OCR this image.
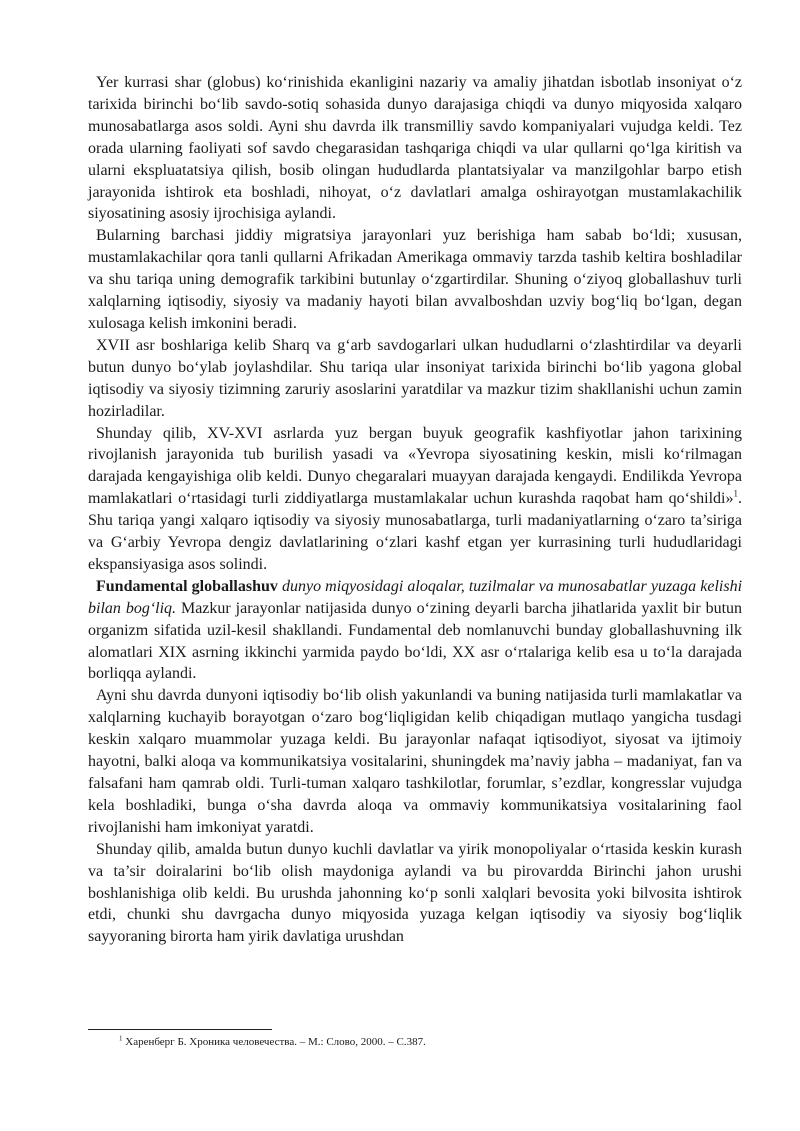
Yer kurrasi shar (globus) ko‘rinishida ekanligini nazariy va amaliy jihatdan isbotlab insoniyat o‘z tarixida birinchi bo‘lib savdo-sotiq sohasida dunyo darajasiga chiqdi va dunyo miqyosida xalqaro munosabatlarga asos soldi. Ayni shu davrda ilk transmilliy savdo kompaniyalari vujudga keldi. Tez orada ularning faoliyati sof savdo chegarasidan tashqariga chiqdi va ular qullarni qo‘lga kiritish va ularni ekspluatatsiya qilish, bosib olingan hududlarda plantatsiyalar va manzilgohlar barpo etish jarayonida ishtirok eta boshladi, nihoyat, o‘z davlatlari amalga oshirayotgan mustamlakachilik siyosatining asosiy ijrochisiga aylandi.

Bularning barchasi jiddiy migratsiya jarayonlari yuz berishiga ham sabab bo‘ldi; xususan, mustamlakachilar qora tanli qullarni Afrikadan Amerikaga ommaviy tarzda tashib keltira boshladilar va shu tariqa uning demografik tarkibini butunlay o‘zgartirdilar. Shuning o‘ziyoq globallashuv turli xalqlarning iqtisodiy, siyosiy va madaniy hayoti bilan avvalboshdan uzviy bog‘liq bo‘lgan, degan xulosaga kelish imkonini beradi.

XVII asr boshlariga kelib Sharq va g‘arb savdogarlari ulkan hududlarni o‘zlashtirdilar va deyarli butun dunyo bo‘ylab joylashdilar. Shu tariqa ular insoniyat tarixida birinchi bo‘lib yagona global iqtisodiy va siyosiy tizimning zaruriy asoslarini yaratdilar va mazkur tizim shakllanishi uchun zamin hozirladilar.

Shunday qilib, XV-XVI asrlarda yuz bergan buyuk geografik kashfiyotlar jahon tarixining rivojlanish jarayonida tub burilish yasadi va «Yevropa siyosatining keskin, misli ko‘rilmagan darajada kengayishiga olib keldi. Dunyo chegaralari muayyan darajada kengaydi. Endilikda Yevropa mamlakatlari o‘rtasidagi turli ziddiyatlarga mustamlakalar uchun kurashda raqobat ham qo‘shildi»$^1$. Shu tariqa yangi xalqaro iqtisodiy va siyosiy munosabatlarga, turli madaniyatlarning o‘zaro ta’siriga va G‘arbiy Yevropa dengiz davlatlarining o‘zlari kashf etgan yer kurrasining turli hududlaridagi ekspansiyasiga asos solindi.

Fundamental globallashuv dunyo miqyosidagi aloqalar, tuzilmalar va munosabatlar yuzaga kelishi bilan bog‘liq. Mazkur jarayonlar natijasida dunyo o‘zining deyarli barcha jihatlarida yaxlit bir butun organizm sifatida uzil-kesil shakllandi. Fundamental deb nomlanuvchi bunday globallashuvning ilk alomatlari XIX asrning ikkinchi yarmida paydo bo‘ldi, XX asr o‘rtalariga kelib esa u to‘la darajada borliqqa aylandi.

Ayni shu davrda dunyoni iqtisodiy bo‘lib olish yakunlandi va buning natijasida turli mamlakatlar va xalqlarning kuchayib borayotgan o‘zaro bog‘liqligidan kelib chiqadigan mutlaqo yangicha tusdagi keskin xalqaro muammolar yuzaga keldi. Bu jarayonlar nafaqat iqtisodiyot, siyosat va ijtimoiy hayotni, balki aloqa va kommunikatsiya vositalarini, shuningdek ma’naviy jabha – madaniyat, fan va falsafani ham qamrab oldi. Turli-tuman xalqaro tashkilotlar, forumlar, s’ezdlar, kongresslar vujudga kela boshladiki, bunga o‘sha davrda aloqa va ommaviy kommunikatsiya vositalarining faol rivojlanishi ham imkoniyat yaratdi.

Shunday qilib, amalda butun dunyo kuchli davlatlar va yirik monopoliyalar o‘rtasida keskin kurash va ta’sir doiralarini bo‘lib olish maydoniga aylandi va bu pirovardda Birinchi jahon urushi boshlanishiga olib keldi. Bu urushda jahonning ko‘p sonli xalqlari bevosita yoki bilvosita ishtirok etdi, chunki shu davrgacha dunyo miqyosida yuzaga kelgan iqtisodiy va siyosiy bog‘liqlik sayyoraning birorta ham yirik davlatiga urushdan

$^1$ Харенберг Б. Хроника человечества. – М.: Слово, 2000. – С.387.
